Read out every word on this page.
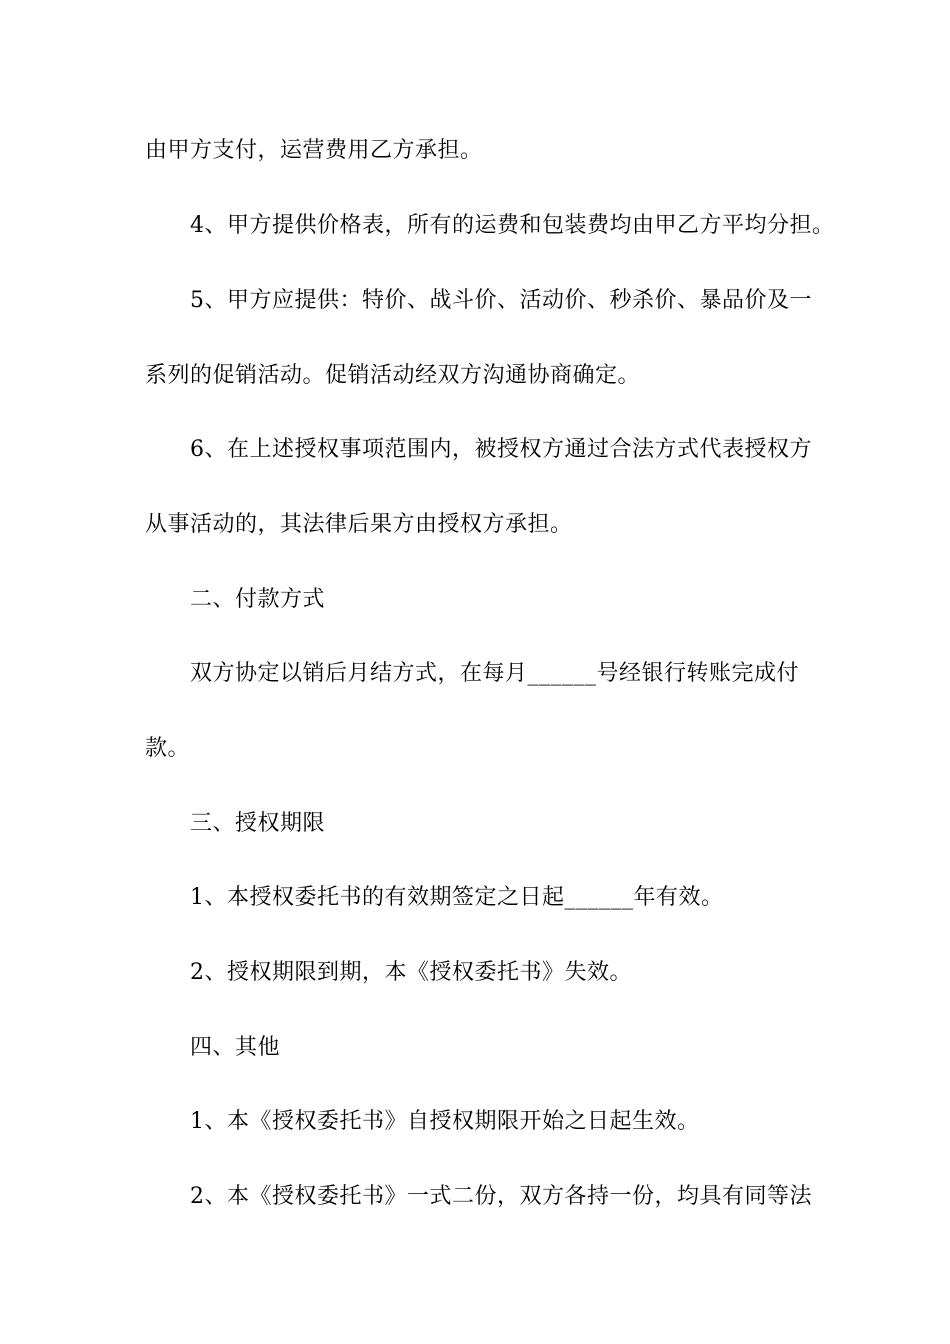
由甲方支付，运营费用乙方承担。
4、甲方提供价格表，所有的运费和包装费均由甲乙方平均分担。
5、甲方应提供：特价、战斗价、活动价、秒杀价、暴品价及一
系列的促销活动。促销活动经双方沟通协商确定。
6、在上述授权事项范围内，被授权方通过合法方式代表授权方
从事活动的，其法律后果方由授权方承担。
二、付款方式
双方协定以销后月结方式，在每月______号经银行转账完成付
款。
三、授权期限
1、本授权委托书的有效期签定之日起______年有效。
2、授权期限到期，本《授权委托书》失效。
四、其他
1、本《授权委托书》自授权期限开始之日起生效。
2、本《授权委托书》一式二份，双方各持一份，均具有同等法
